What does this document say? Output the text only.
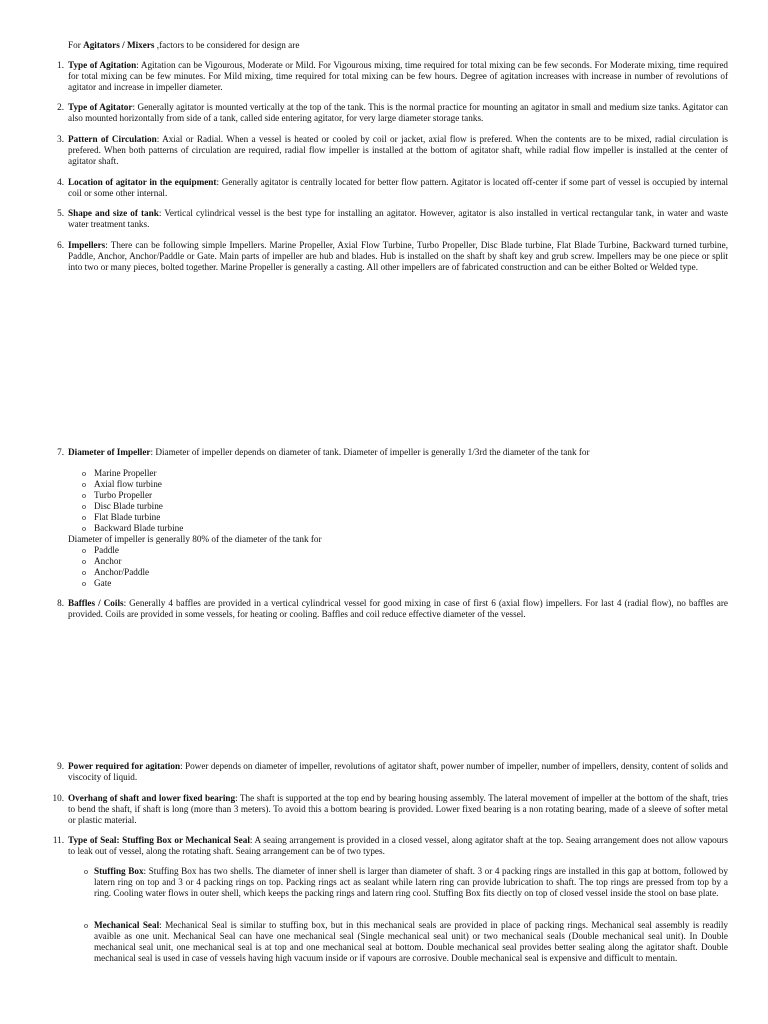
For Agitators / Mixers ,factors to be considered for design are
1. Type of Agitation: Agitation can be Vigourous, Moderate or Mild. For Vigourous mixing, time required for total mixing can be few seconds. For Moderate mixing, time required for total mixing can be few minutes. For Mild mixing, time required for total mixing can be few hours. Degree of agitation increases with increase in number of revolutions of agitator and increase in impeller diameter.
2. Type of Agitator: Generally agitator is mounted vertically at the top of the tank. This is the normal practice for mounting an agitator in small and medium size tanks. Agitator can also mounted horizontally from side of a tank, called side entering agitator, for very large diameter storage tanks.
3. Pattern of Circulation: Axial or Radial. When a vessel is heated or cooled by coil or jacket, axial flow is prefered. When the contents are to be mixed, radial circulation is prefered. When both patterns of circulation are required, radial flow impeller is installed at the bottom of agitator shaft, while radial flow impeller is installed at the center of agitator shaft.
4. Location of agitator in the equipment: Generally agitator is centrally located for better flow pattern. Agitator is located off-center if some part of vessel is occupied by internal coil or some other internal.
5. Shape and size of tank: Vertical cylindrical vessel is the best type for installing an agitator. However, agitator is also installed in vertical rectangular tank, in water and waste water treatment tanks.
6. Impellers: There can be following simple Impellers. Marine Propeller, Axial Flow Turbine, Turbo Propeller, Disc Blade turbine, Flat Blade Turbine, Backward turned turbine, Paddle, Anchor, Anchor/Paddle or Gate. Main parts of impeller are hub and blades. Hub is installed on the shaft by shaft key and grub screw. Impellers may be one piece or split into two or many pieces, bolted together. Marine Propeller is generally a casting. All other impellers are of fabricated construction and can be either Bolted or Welded type.
7. Diameter of Impeller: Diameter of impeller depends on diameter of tank. Diameter of impeller is generally 1/3rd the diameter of the tank for
o Marine Propeller
o Axial flow turbine
o Turbo Propeller
o Disc Blade turbine
o Flat Blade turbine
o Backward Blade turbine
Diameter of impeller is generally 80% of the diameter of the tank for
o Paddle
o Anchor
o Anchor/Paddle
o Gate
8. Baffles / Coils: Generally 4 baffles are provided in a vertical cylindrical vessel for good mixing in case of first 6 (axial flow) impellers. For last 4 (radial flow), no baffles are provided. Coils are provided in some vessels, for heating or cooling. Baffles and coil reduce effective diameter of the vessel.
9. Power required for agitation: Power depends on diameter of impeller, revolutions of agitator shaft, power number of impeller, number of impellers, density, content of solids and viscocity of liquid.
10. Overhang of shaft and lower fixed bearing: The shaft is supported at the top end by bearing housing assembly. The lateral movement of impeller at the bottom of the shaft, tries to bend the shaft, if shaft is long (more than 3 meters). To avoid this a bottom bearing is provided. Lower fixed bearing is a non rotating bearing, made of a sleeve of softer metal or plastic material.
11. Type of Seal: Stuffing Box or Mechanical Seal: A seaing arrangement is provided in a closed vessel, along agitator shaft at the top. Seaing arrangement does not allow vapours to leak out of vessel, along the rotating shaft. Seaing arrangement can be of two types.
o Stuffing Box: Stuffing Box has two shells. The diameter of inner shell is larger than diameter of shaft. 3 or 4 packing rings are installed in this gap at bottom, followed by latern ring on top and 3 or 4 packing rings on top. Packing rings act as sealant while latern ring can provide lubrication to shaft. The top rings are pressed from top by a ring. Cooling water flows in outer shell, which keeps the packing rings and latern ring cool. Stuffing Box fits diectly on top of closed vessel inside the stool on base plate.
o Mechanical Seal: Mechanical Seal is similar to stuffing box, but in this mechanical seals are provided in place of packing rings. Mechanical seal assembly is readily avaible as one unit. Mechanical Seal can have one mechanical seal (Single mechanical seal unit) or two mechanical seals (Double mechanical seal unit). In Double mechanical seal unit, one mechanical seal is at top and one mechanical seal at bottom. Double mechanical seal provides better sealing along the agitator shaft. Double mechanical seal is used in case of vessels having high vacuum inside or if vapours are corrosive. Double mechanical seal is expensive and difficult to mentain.
